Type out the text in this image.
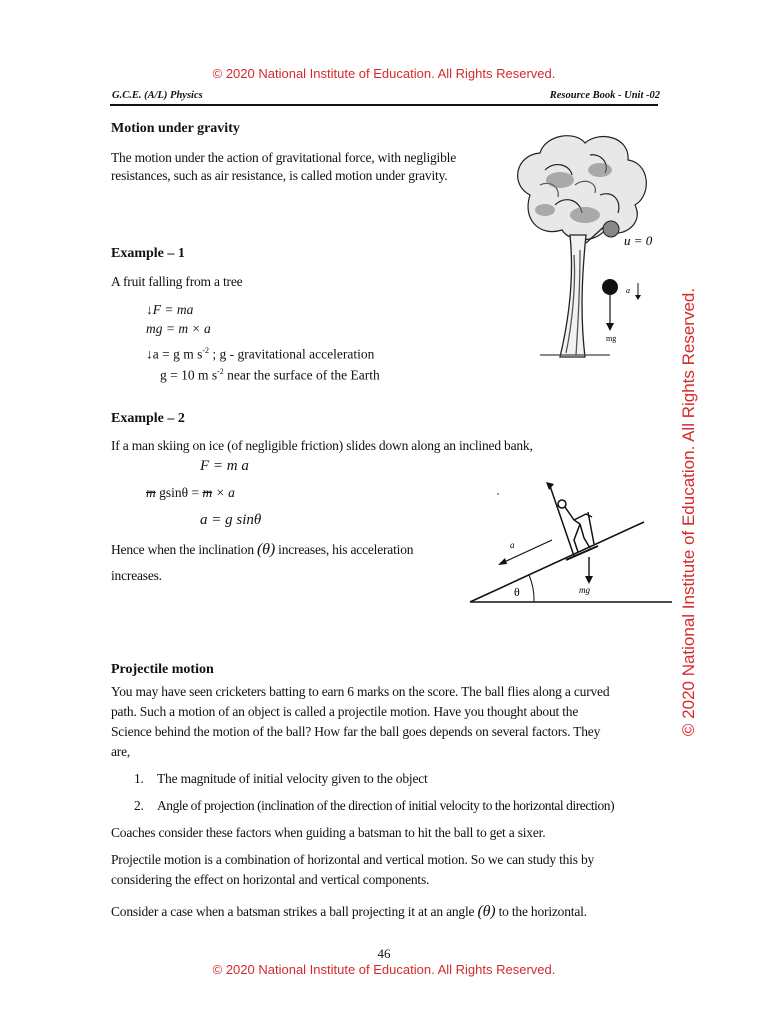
© 2020 National Institute of Education. All Rights Reserved.
© 2020 National Institute of Education. All Rights Reserved.
© 2020 National Institute of Education. All Rights Reserved.
G.C.E. (A/L) Physics	Resource Book - Unit -02
Motion under gravity
The motion under the action of gravitational force, with negligible
resistances, such as air resistance, is called motion under gravity.
Example – 1
A fruit falling from a tree
↓F = ma
mg = m × a
↓a = g m $s^{-2}$ ; g - gravitational acceleration
g = 10 m $s^{-2}$ near the surface of the Earth
u = 0
mg
a
Example – 2
If a man skiing on ice (of negligible friction) slides down along an inclined bank,
F = m a
m gsinθ = m × a
a = g sinθ
Hence when the inclination (θ) increases, his acceleration
increases.
θ	mg
a
Projectile motion
You may have seen cricketers batting to earn 6 marks on the score. The ball flies along a curved
path. Such a motion of an object is called a projectile motion. Have you thought about the
Science behind the motion of the ball? How far the ball goes depends on several factors. They
are,
1. The magnitude of initial velocity given to the object
2. Angle of projection (inclination of the direction of initial velocity to the horizontal direction)
Coaches consider these factors when guiding a batsman to hit the ball to get a sixer.
Projectile motion is a combination of horizontal and vertical motion. So we can study this by
considering the effect on horizontal and vertical components.
Consider a case when a batsman strikes a ball projecting it at an angle (θ) to the horizontal.
46
